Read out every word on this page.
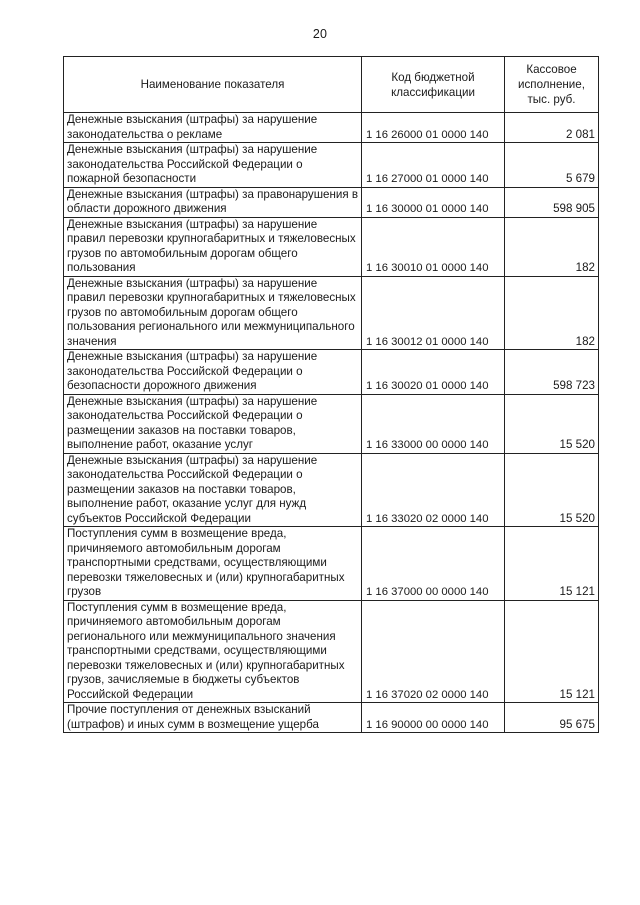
20
Наименование показателя	Код бюджетной классификации	Кассовое исполнение, тыс. руб.
Денежные взыскания (штрафы) за нарушение законодательства о рекламе	1 16 26000 01 0000 140	2 081
Денежные взыскания (штрафы) за нарушение законодательства Российской Федерации о пожарной безопасности	1 16 27000 01 0000 140	5 679
Денежные взыскания (штрафы) за правонарушения в области дорожного движения	1 16 30000 01 0000 140	598 905
Денежные взыскания (штрафы) за нарушение правил перевозки крупногабаритных и тяжеловесных грузов по автомобильным дорогам общего пользования	1 16 30010 01 0000 140	182
Денежные взыскания (штрафы) за нарушение правил перевозки крупногабаритных и тяжеловесных грузов по автомобильным дорогам общего пользования регионального или межмуниципального значения	1 16 30012 01 0000 140	182
Денежные взыскания (штрафы) за нарушение законодательства Российской Федерации о безопасности дорожного движения	1 16 30020 01 0000 140	598 723
Денежные взыскания (штрафы) за нарушение законодательства Российской Федерации о размещении заказов на поставки товаров, выполнение работ, оказание услуг	1 16 33000 00 0000 140	15 520
Денежные взыскания (штрафы) за нарушение законодательства Российской Федерации о размещении заказов на поставки товаров, выполнение работ, оказание услуг для нужд субъектов Российской Федерации	1 16 33020 02 0000 140	15 520
Поступления сумм в возмещение вреда, причиняемого автомобильным дорогам транспортными средствами, осуществляющими перевозки тяжеловесных и (или) крупногабаритных грузов	1 16 37000 00 0000 140	15 121
Поступления сумм в возмещение вреда, причиняемого автомобильным дорогам регионального или межмуниципального значения транспортными средствами, осуществляющими перевозки тяжеловесных и (или) крупногабаритных грузов, зачисляемые в бюджеты субъектов Российской Федерации	1 16 37020 02 0000 140	15 121
Прочие поступления от денежных взысканий (штрафов) и иных сумм в возмещение ущерба	1 16 90000 00 0000 140	95 675
